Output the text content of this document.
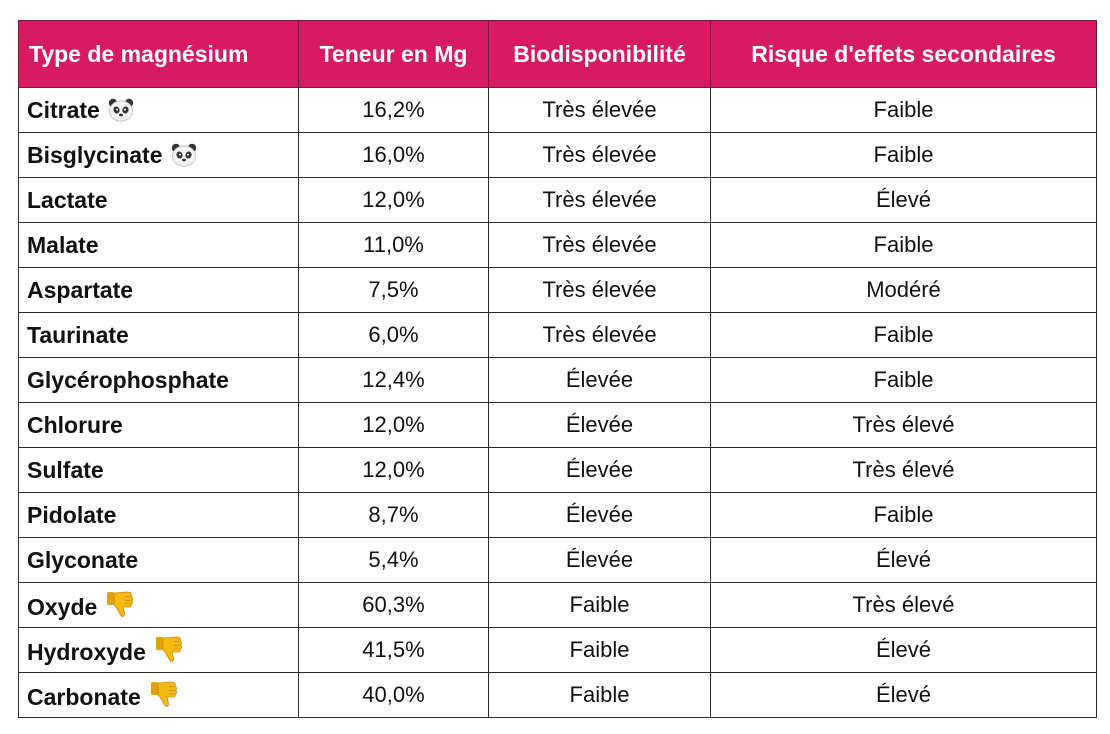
Type de magnésium	Teneur en Mg	Biodisponibilité	Risque d'effets secondaires
Citrate	16,2%	Très élevée	Faible
Bisglycinate	16,0%	Très élevée	Faible
Lactate	12,0%	Très élevée	Élevé
Malate	11,0%	Très élevée	Faible
Aspartate	7,5%	Très élevée	Modéré
Taurinate	6,0%	Très élevée	Faible
Glycérophosphate	12,4%	Élevée	Faible
Chlorure	12,0%	Élevée	Très élevé
Sulfate	12,0%	Élevée	Très élevé
Pidolate	8,7%	Élevée	Faible
Glyconate	5,4%	Élevée	Élevé
Oxyde	60,3%	Faible	Très élevé
Hydroxyde	41,5%	Faible	Élevé
Carbonate	40,0%	Faible	Élevé
